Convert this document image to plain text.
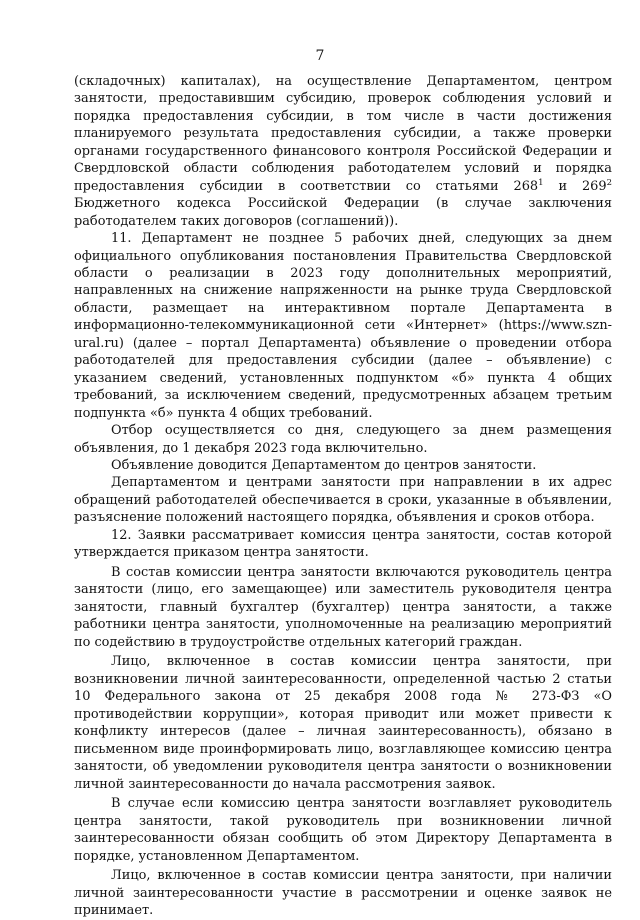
7

(складочных) капиталах), на осуществление Департаментом, центром занятости, предоставившим субсидию, проверок соблюдения условий и порядка предоставления субсидии, в том числе в части достижения планируемого результата предоставления субсидии, а также проверки органами государственного финансового контроля Российской Федерации и Свердловской области соблюдения работодателем условий и порядка предоставления субсидии в соответствии со статьями $268^1$ и $269^2$ Бюджетного кодекса Российской Федерации (в случае заключения работодателем таких договоров (соглашений)).

11. Департамент не позднее 5 рабочих дней, следующих за днем официального опубликования постановления Правительства Свердловской области о реализации в 2023 году дополнительных мероприятий, направленных на снижение напряженности на рынке труда Свердловской области, размещает на интерактивном портале Департамента в информационно-телекоммуникационной сети «Интернет» (https://www.szn-ural.ru) (далее – портал Департамента) объявление о проведении отбора работодателей для предоставления субсидии (далее – объявление) с указанием сведений, установленных подпунктом «б» пункта 4 общих требований, за исключением сведений, предусмотренных абзацем третьим подпункта «б» пункта 4 общих требований.

Отбор осуществляется со дня, следующего за днем размещения объявления, до 1 декабря 2023 года включительно.

Объявление доводится Департаментом до центров занятости.

Департаментом и центрами занятости при направлении в их адрес обращений работодателей обеспечивается в сроки, указанные в объявлении, разъяснение положений настоящего порядка, объявления и сроков отбора.

12. Заявки рассматривает комиссия центра занятости, состав которой утверждается приказом центра занятости.

В состав комиссии центра занятости включаются руководитель центра занятости (лицо, его замещающее) или заместитель руководителя центра занятости, главный бухгалтер (бухгалтер) центра занятости, а также работники центра занятости, уполномоченные на реализацию мероприятий по содействию в трудоустройстве отдельных категорий граждан.

Лицо, включенное в состав комиссии центра занятости, при возникновении личной заинтересованности, определенной частью 2 статьи 10 Федерального закона от 25 декабря 2008 года № 273-ФЗ «О противодействии коррупции», которая приводит или может привести к конфликту интересов (далее – личная заинтересованность), обязано в письменном виде проинформировать лицо, возглавляющее комиссию центра занятости, об уведомлении руководителя центра занятости о возникновении личной заинтересованности до начала рассмотрения заявок.

В случае если комиссию центра занятости возглавляет руководитель центра занятости, такой руководитель при возникновении личной заинтересованности обязан сообщить об этом Директору Департамента в порядке, установленном Департаментом.

Лицо, включенное в состав комиссии центра занятости, при наличии личной заинтересованности участие в рассмотрении и оценке заявок не принимает.
